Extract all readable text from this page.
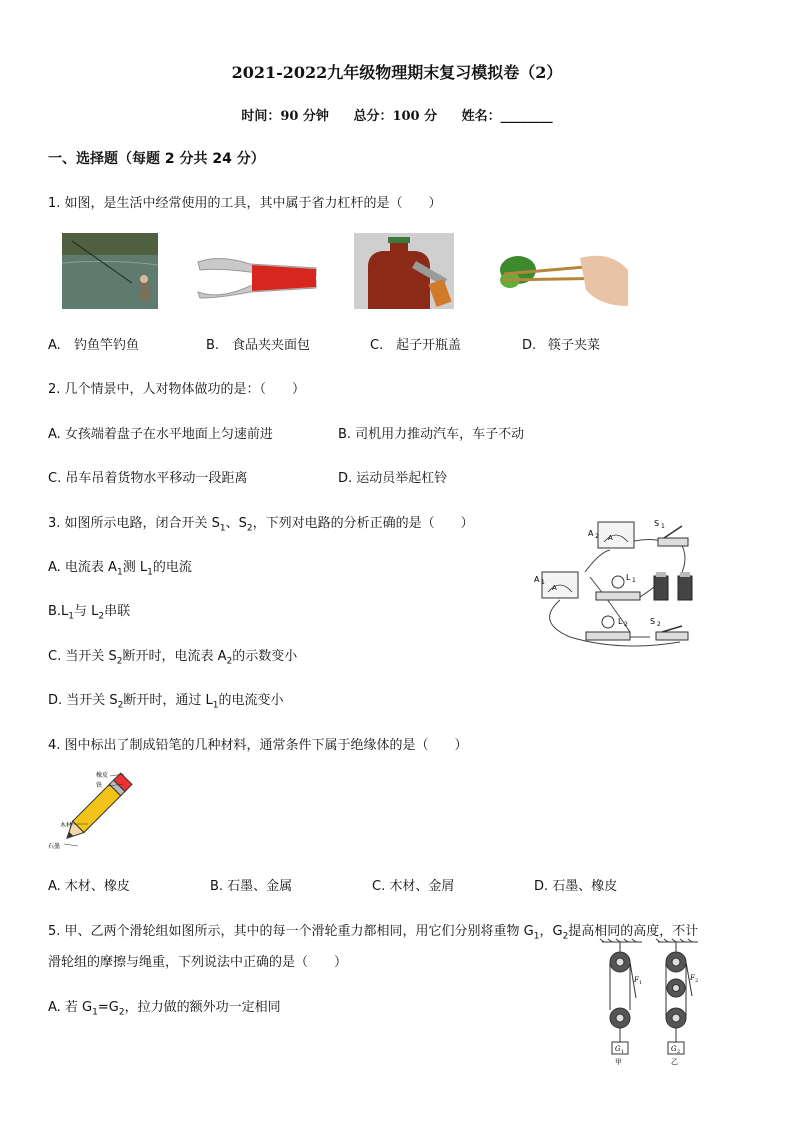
2021-2022九年级物理期末复习模拟卷（2）
时间：90 分钟 总分：100 分 姓名：________
一、选择题（每题 2 分共 24 分）
1. 如图，是生活中经常使用的工具，其中属于省力杠杆的是（　　）
A. 钓鱼竿钓鱼	B. 食品夹夹面包	C. 起子开瓶盖	D. 筷子夹菜
2. 几个情景中，人对物体做功的是：（　　）
A. 女孩端着盘子在水平地面上匀速前进	B. 司机用力推动汽车，车子不动
C. 吊车吊着货物水平移动一段距离	D. 运动员举起杠铃
3. 如图所示电路，闭合开关 $S_1$、$S_2$，下列对电路的分析正确的是（　　）
A. 电流表 $A_1$测 $L_1$的电流
$B.L_1$与 $L_2$串联
C. 当开关 $S_2$断开时，电流表 $A_2$的示数变小
D. 当开关 $S_2$断开时，通过 $L_1$的电流变小
A
A 2
A
A 1
S 1
L 1
L 2	S 2
4. 图中标出了制成铅笔的几种材料，通常条件下属于绝缘体的是（　　）
橡皮
铁
木材
石墨
A. 木材、橡皮	B. 石墨、金属	C. 木材、金屑	D. 石墨、橡皮
5. 甲、乙两个滑轮组如图所示，其中的每一个滑轮重力都相同，用它们分别将重物 $G_1$，$G_2$提高相同的高度，不计
滑轮组的摩擦与绳重，下列说法中正确的是（　　）
A. 若 $G_1=G_2$，拉力做的额外功一定相同
F 1
F 2
G 1	G 2
甲	乙
